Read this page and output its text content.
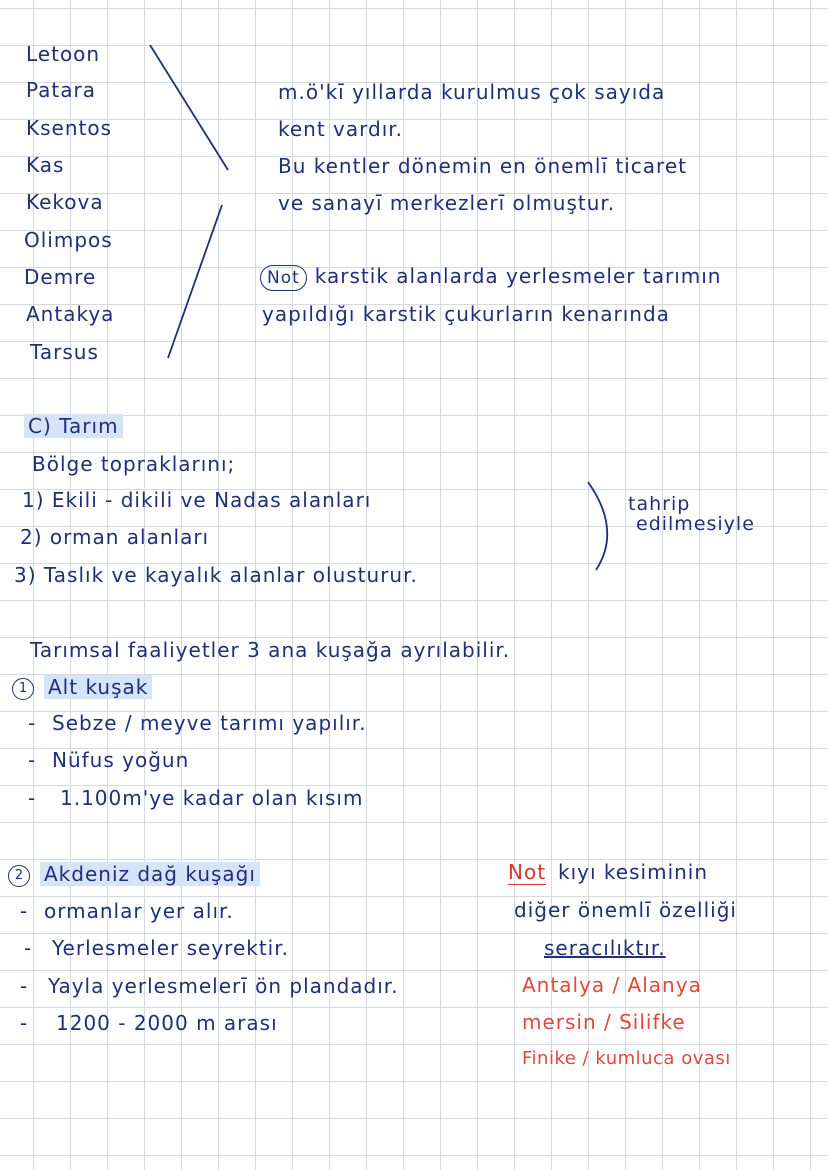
Letoon
Patara
Ksentos
Kas
Kekova
Olimpos
Demre
Antakya
Tarsus
m.ö'kī yıllarda kurulmus çok sayıda
kent vardır.
Bu kentler dönemin en önemlī ticaret
ve sanayī merkezlerī olmuştur.
Not karstik alanlarda yerlesmeler tarımın
yapıldığı karstik çukurların kenarında
C) Tarım
Bölge topraklarını;
1) Ekili - dikili ve Nadas alanları
2) orman alanları
3) Taslık ve kayalık alanlar olusturur.
tahrip
edilmesiyle
Tarımsal faaliyetler 3 ana kuşağa ayrılabilir.
1 Alt kuşak
- Sebze / meyve tarımı yapılır.
- Nüfus yoğun
- 1.100m'ye kadar olan kısım
2 Akdeniz dağ kuşağı
- ormanlar yer alır.
- Yerlesmeler seyrektir.
- Yayla yerlesmelerī ön plandadır.
- 1200 - 2000 m arası
Not kıyı kesiminin
diğer önemlī özelliği
seracılıktır.
Antalya / Alanya
mersin / Silifke
Finike / kumluca ovası
